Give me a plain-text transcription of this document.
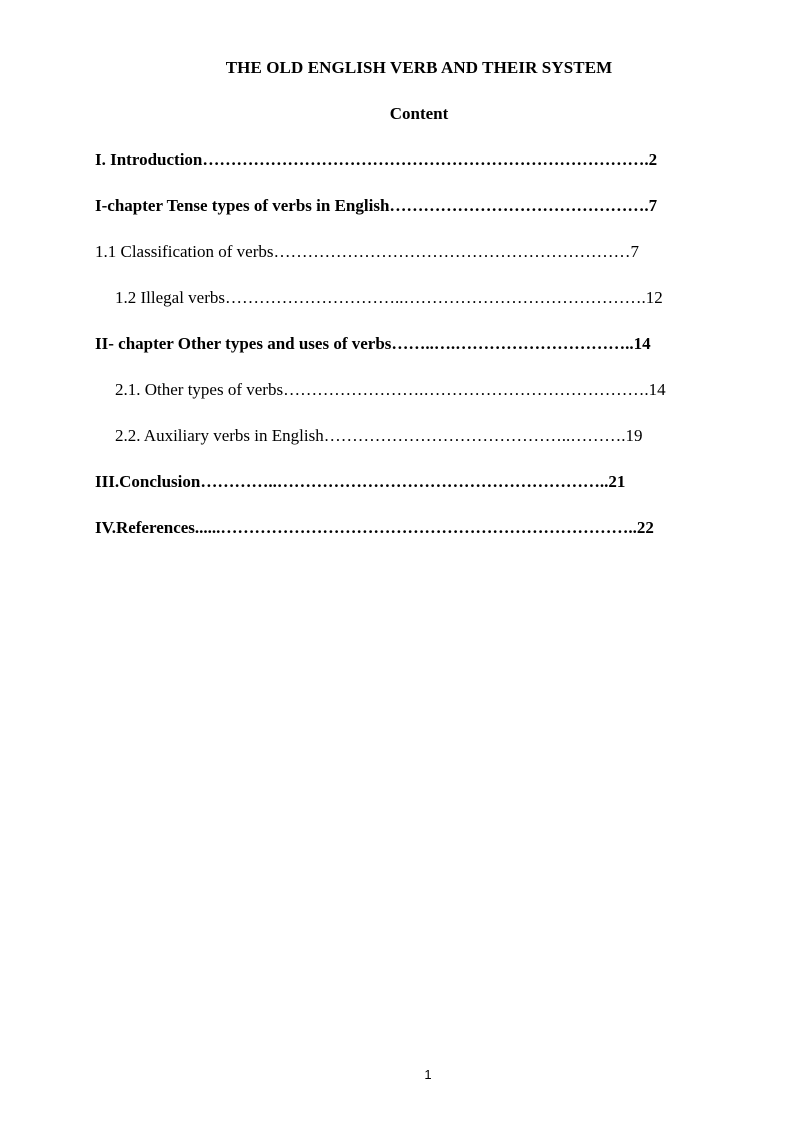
THE OLD ENGLISH VERB AND THEIR SYSTEM
Content
I. Introduction…………………………………………………………………….2
I-chapter Tense types of verbs in English……………………………………….7
1.1 Classification of verbs………………………………………………………7
1.2 Illegal verbs…………………………..…………………………………….12
II- chapter Other types and uses of verbs……..….…………………………..14
2.1. Other types of verbs…………………….………………………………….14
2.2. Auxiliary verbs in English……………………………………..……….19
III.Conclusion…………..…………………………………………………..21
IV.References......………………………………………………………………..22
1
